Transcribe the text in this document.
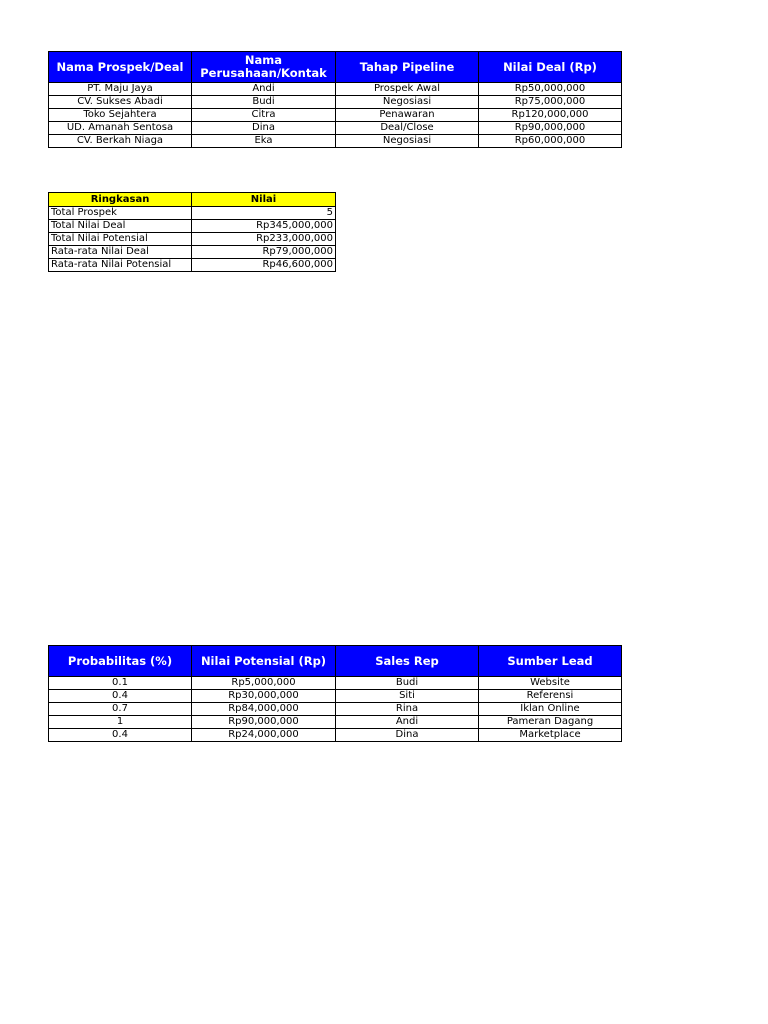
Nama Prospek/Deal	Nama Perusahaan/Kontak	Tahap Pipeline	Nilai Deal (Rp)
PT. Maju Jaya	Andi	Prospek Awal	Rp50,000,000
CV. Sukses Abadi	Budi	Negosiasi	Rp75,000,000
Toko Sejahtera	Citra	Penawaran	Rp120,000,000
UD. Amanah Sentosa	Dina	Deal/Close	Rp90,000,000
CV. Berkah Niaga	Eka	Negosiasi	Rp60,000,000
Ringkasan	Nilai
Total Prospek	5
Total Nilai Deal	Rp345,000,000
Total Nilai Potensial	Rp233,000,000
Rata-rata Nilai Deal	Rp79,000,000
Rata-rata Nilai Potensial	Rp46,600,000
Probabilitas (%)	Nilai Potensial (Rp)	Sales Rep	Sumber Lead
0.1	Rp5,000,000	Budi	Website
0.4	Rp30,000,000	Siti	Referensi
0.7	Rp84,000,000	Rina	Iklan Online
1	Rp90,000,000	Andi	Pameran Dagang
0.4	Rp24,000,000	Dina	Marketplace
